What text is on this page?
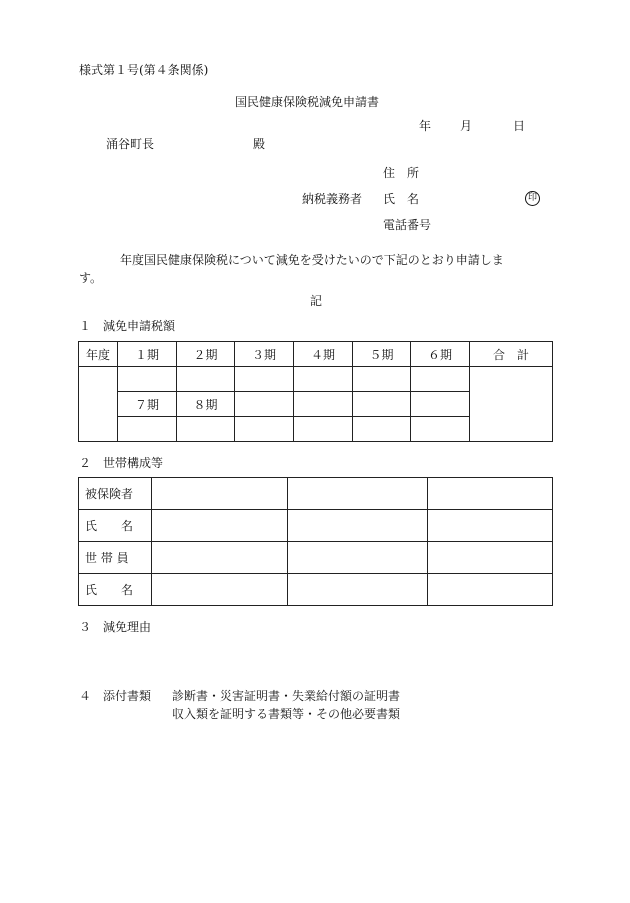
様式第１号(第４条関係)
国民健康保険税減免申請書
年 月	日
涌谷町長	殿
住　所
納税義務者 氏　名	印
電話番号
年度国民健康保険税について減免を受けたいので下記のとおり申請しま
す。
記
１　減免申請税額
年度	１期	２期	３期	４期	５期	６期	合　計

	７期	８期					

２　世帯構成等
被保険者			
氏　　名			
世 帯 員			
氏　　名			
３　減免理由
４　添付書類 診断書・災害証明書・失業給付額の証明書
収入類を証明する書類等・その他必要書類
